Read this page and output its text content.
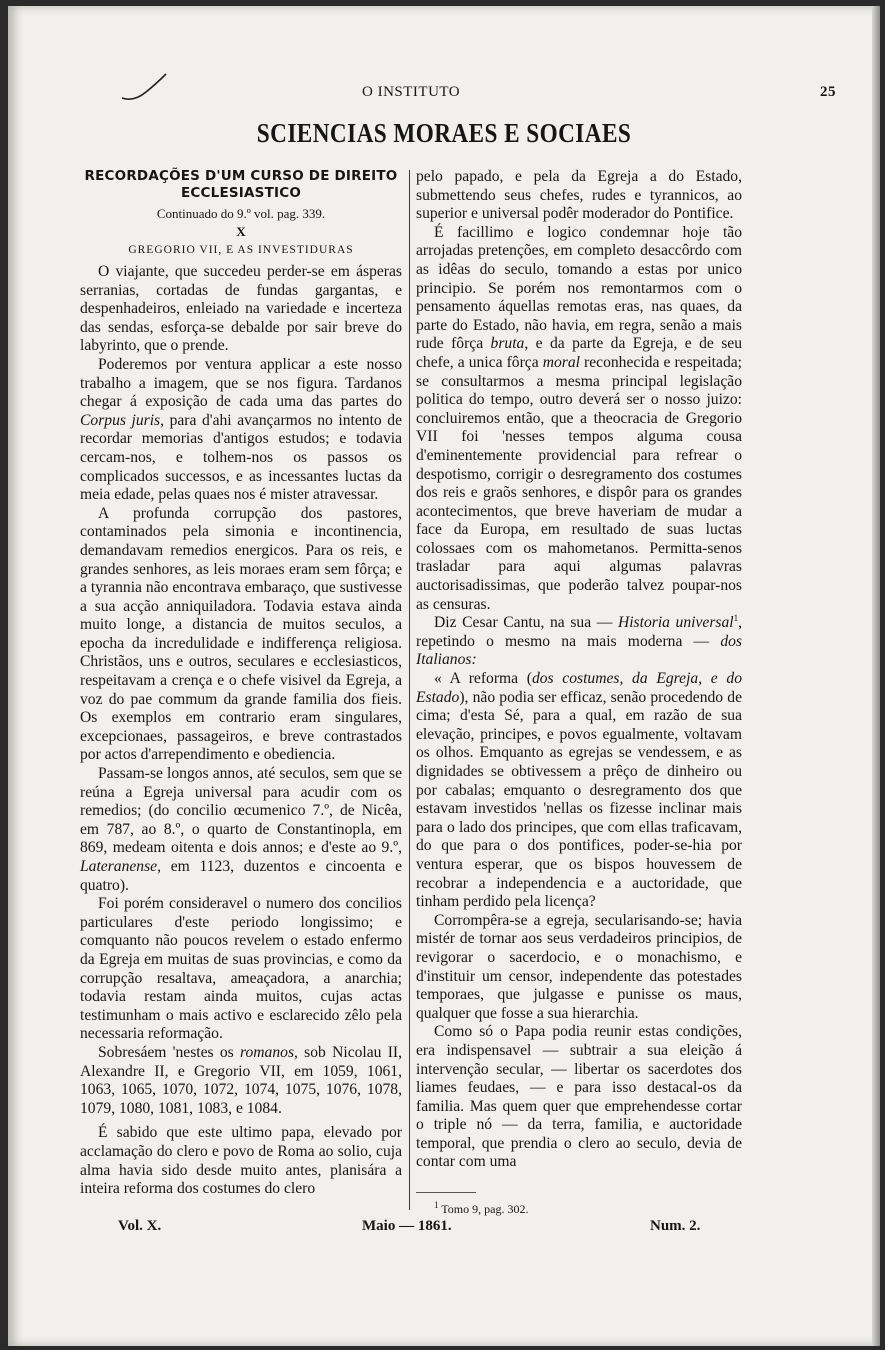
O INSTITUTO	25
SCIENCIAS MORAES E SOCIAES
RECORDAÇÕES D'UM CURSO DE DIREITO
ECCLESIASTICO
Continuado do 9.º vol. pag. 339.
X
GREGORIO VII, E AS INVESTIDURAS

O viajante, que succedeu perder-se em ásperas serranias, cortadas de fundas gargantas, e despenhadeiros, enleiado na variedade e incerteza das sendas, esforça-se debalde por sair breve do labyrinto, que o prende.

Poderemos por ventura applicar a este nosso trabalho a imagem, que se nos figura. Tardanos chegar á exposição de cada uma das partes do Corpus juris, para d'ahi avançarmos no intento de recordar memorias d'antigos estudos; e todavia cercam-nos, e tolhem-nos os passos os complicados successos, e as incessantes luctas da meia edade, pelas quaes nos é mister atravessar.

A profunda corrupção dos pastores, contaminados pela simonia e incontinencia, demandavam remedios energicos. Para os reis, e grandes senhores, as leis moraes eram sem fôrça; e a tyrannia não encontrava embaraço, que sustivesse a sua acção anniquiladora. Todavia estava ainda muito longe, a distancia de muitos seculos, a epocha da incredulidade e indifferença religiosa. Christãos, uns e outros, seculares e ecclesiasticos, respeitavam a crença e o chefe visivel da Egreja, a voz do pae commum da grande familia dos fieis. Os exemplos em contrario eram singulares, excepcionaes, passageiros, e breve contrastados por actos d'arrependimento e obediencia.

Passam-se longos annos, até seculos, sem que se reúna a Egreja universal para acudir com os remedios; (do concilio œcumenico 7.º, de Nicêa, em 787, ao 8.º, o quarto de Constantinopla, em 869, medeam oitenta e dois annos; e d'este ao 9.º, Lateranense, em 1123, duzentos e cincoenta e quatro).

Foi porém consideravel o numero dos concilios particulares d'este periodo longissimo; e comquanto não poucos revelem o estado enfermo da Egreja em muitas de suas provincias, e como da corrupção resaltava, ameaçadora, a anarchia; todavia restam ainda muitos, cujas actas testimunham o mais activo e esclarecido zêlo pela necessaria reformação.

Sobresáem 'nestes os romanos, sob Nicolau II, Alexandre II, e Gregorio VII, em 1059, 1061, 1063, 1065, 1070, 1072, 1074, 1075, 1076, 1078, 1079, 1080, 1081, 1083, e 1084.

É sabido que este ultimo papa, elevado por acclamação do clero e povo de Roma ao solio, cuja alma havia sido desde muito antes, planisára a inteira reforma dos costumes do clero

pelo papado, e pela da Egreja a do Estado, submettendo seus chefes, rudes e tyrannicos, ao superior e universal podêr moderador do Pontifice.

É facillimo e logico condemnar hoje tão arrojadas pretenções, em completo desaccôrdo com as idêas do seculo, tomando a estas por unico principio. Se porém nos remontarmos com o pensamento áquellas remotas eras, nas quaes, da parte do Estado, não havia, em regra, senão a mais rude fôrça bruta, e da parte da Egreja, e de seu chefe, a unica fôrça moral reconhecida e respeitada; se consultarmos a mesma principal legislação politica do tempo, outro deverá ser o nosso juizo: concluiremos então, que a theocracia de Gregorio VII foi 'nesses tempos alguma cousa d'eminentemente providencial para refrear o despotismo, corrigir o desregramento dos costumes dos reis e graõs senhores, e dispôr para os grandes acontecimentos, que breve haveriam de mudar a face da Europa, em resultado de suas luctas colossaes com os mahometanos. Permitta-senos trasladar para aqui algumas palavras auctorisadissimas, que poderão talvez poupar-nos as censuras.

Diz Cesar Cantu, na sua — Historia universal$^1$, repetindo o mesmo na mais moderna — dos Italianos:

« A reforma (dos costumes, da Egreja, e do Estado), não podia ser efficaz, senão procedendo de cima; d'esta Sé, para a qual, em razão de sua elevação, principes, e povos egualmente, voltavam os olhos. Emquanto as egrejas se vendessem, e as dignidades se obtivessem a prêço de dinheiro ou por cabalas; emquanto o desregramento dos que estavam investidos 'nellas os fizesse inclinar mais para o lado dos principes, que com ellas traficavam, do que para o dos pontifices, poder-se-hia por ventura esperar, que os bispos houvessem de recobrar a independencia e a auctoridade, que tinham perdido pela licença?

Corrompêra-se a egreja, secularisando-se; havia mistér de tornar aos seus verdadeiros principios, de revigorar o sacerdocio, e o monachismo, e d'instituir um censor, independente das potestades temporaes, que julgasse e punisse os maus, qualquer que fosse a sua hierarchia.

Como só o Papa podia reunir estas condições, era indispensavel — subtrair a sua eleição á intervenção secular, — libertar os sacerdotes dos liames feudaes, — e para isso destacal-os da familia. Mas quem quer que emprehendesse cortar o triple nó — da terra, familia, e auctoridade temporal, que prendia o clero ao seculo, devia de contar com uma

$^1$ Tomo 9, pag. 302.
Vol. X.	Maio — 1861.	Num. 2.
